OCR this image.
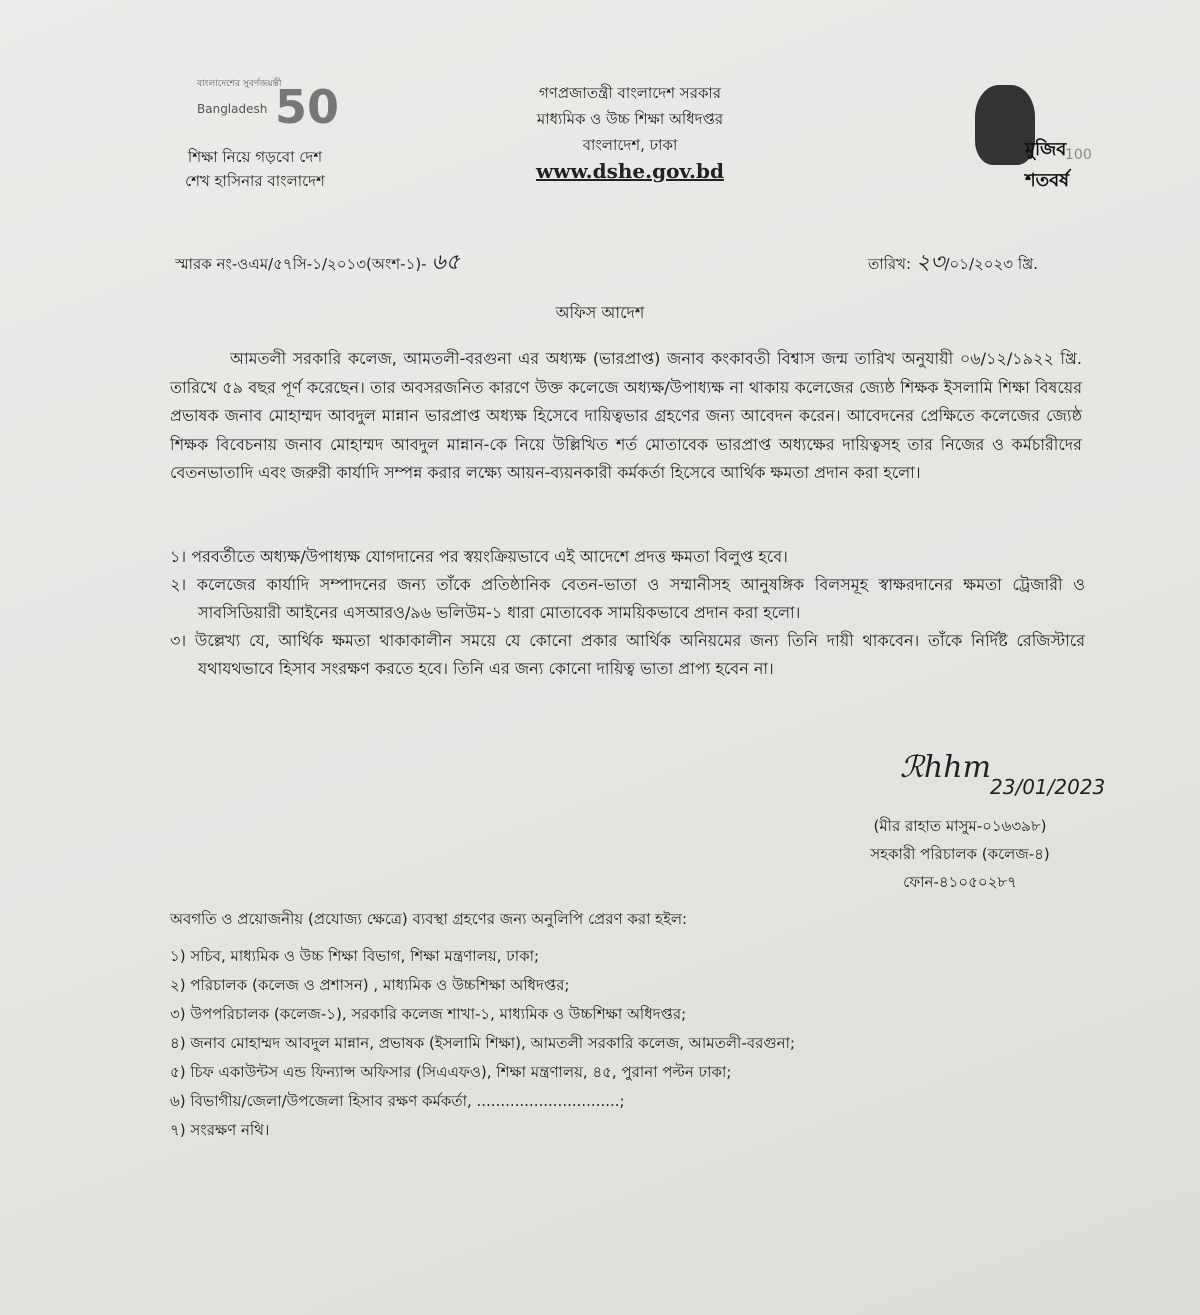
বাংলাদেশের সুবর্ণজয়ন্তী
Bangladesh 50
শিক্ষা নিয়ে গড়বো দেশ
শেখ হাসিনার বাংলাদেশ
গণপ্রজাতন্ত্রী বাংলাদেশ সরকার
মাধ্যমিক ও উচ্চ শিক্ষা অধিদপ্তর
বাংলাদেশ, ঢাকা
www.dshe.gov.bd
মুজিব শতবর্ষ
100
স্মারক নং-ওএম/৫৭সি-১/২০১৩(অংশ-১)- ৬৫	তারিখ: ২৩/০১/২০২৩ খ্রি.
অফিস আদেশ
আমতলী সরকারি কলেজ, আমতলী-বরগুনা এর অধ্যক্ষ (ভারপ্রাপ্ত) জনাব কংকাবতী বিশ্বাস জন্ম তারিখ অনুযায়ী ০৬/১২/১৯২২ খ্রি. তারিখে ৫৯ বছর পূর্ণ করেছেন। তার অবসরজনিত কারণে উক্ত কলেজে অধ্যক্ষ/উপাধ্যক্ষ না থাকায় কলেজের জ্যেষ্ঠ শিক্ষক ইসলামি শিক্ষা বিষয়ের প্রভাষক জনাব মোহাম্মদ আবদুল মান্নান ভারপ্রাপ্ত অধ্যক্ষ হিসেবে দায়িত্বভার গ্রহণের জন্য আবেদন করেন। আবেদনের প্রেক্ষিতে কলেজের জ্যেষ্ঠ শিক্ষক বিবেচনায় জনাব মোহাম্মদ আবদুল মান্নান-কে নিয়ে উল্লিখিত শর্ত মোতাবেক ভারপ্রাপ্ত অধ্যক্ষের দায়িত্বসহ তার নিজের ও কর্মচারীদের বেতনভাতাদি এবং জরুরী কার্যাদি সম্পন্ন করার লক্ষ্যে আয়ন-ব্যয়নকারী কর্মকর্তা হিসেবে আর্থিক ক্ষমতা প্রদান করা হলো।
১। পরবর্তীতে অধ্যক্ষ/উপাধ্যক্ষ যোগদানের পর স্বয়ংক্রিয়ভাবে এই আদেশে প্রদত্ত ক্ষমতা বিলুপ্ত হবে।
২। কলেজের কার্যাদি সম্পাদনের জন্য তাঁকে প্রতিষ্ঠানিক বেতন-ভাতা ও সম্মানীসহ আনুষঙ্গিক বিলসমূহ স্বাক্ষরদানের ক্ষমতা ট্রেজারী ও সাবসিডিয়ারী আইনের এসআরও/৯৬ ভলিউম-১ ধারা মোতাবেক সাময়িকভাবে প্রদান করা হলো।
৩। উল্লেখ্য যে, আর্থিক ক্ষমতা থাকাকালীন সময়ে যে কোনো প্রকার আর্থিক অনিয়মের জন্য তিনি দায়ী থাকবেন। তাঁকে নির্দিষ্ট রেজিস্টারে যথাযথভাবে হিসাব সংরক্ষণ করতে হবে। তিনি এর জন্য কোনো দায়িত্ব ভাতা প্রাপ্য হবেন না।
ℛhhm
23/01/2023
(মীর রাহাত মাসুম-০১৬৩৯৮)
সহকারী পরিচালক (কলেজ-৪)
ফোন-৪১০৫০২৮৭
অবগতি ও প্রয়োজনীয় (প্রযোজ্য ক্ষেত্রে) ব্যবস্থা গ্রহণের জন্য অনুলিপি প্রেরণ করা হইল:
১) সচিব, মাধ্যমিক ও উচ্চ শিক্ষা বিভাগ, শিক্ষা মন্ত্রণালয়, ঢাকা;
২) পরিচালক (কলেজ ও প্রশাসন) , মাধ্যমিক ও উচ্চশিক্ষা অধিদপ্তর;
৩) উপপরিচালক (কলেজ-১), সরকারি কলেজ শাখা-১, মাধ্যমিক ও উচ্চশিক্ষা অধিদপ্তর;
৪) জনাব মোহাম্মদ আবদুল মান্নান, প্রভাষক (ইসলামি শিক্ষা), আমতলী সরকারি কলেজ, আমতলী-বরগুনা;
৫) চিফ একাউন্টস এন্ড ফিন্যান্স অফিসার (সিএএফও), শিক্ষা মন্ত্রণালয়, ৪৫, পুরানা পল্টন ঢাকা;
৬) বিভাগীয়/জেলা/উপজেলা হিসাব রক্ষণ কর্মকর্তা, ..............................;
৭) সংরক্ষণ নথি।
